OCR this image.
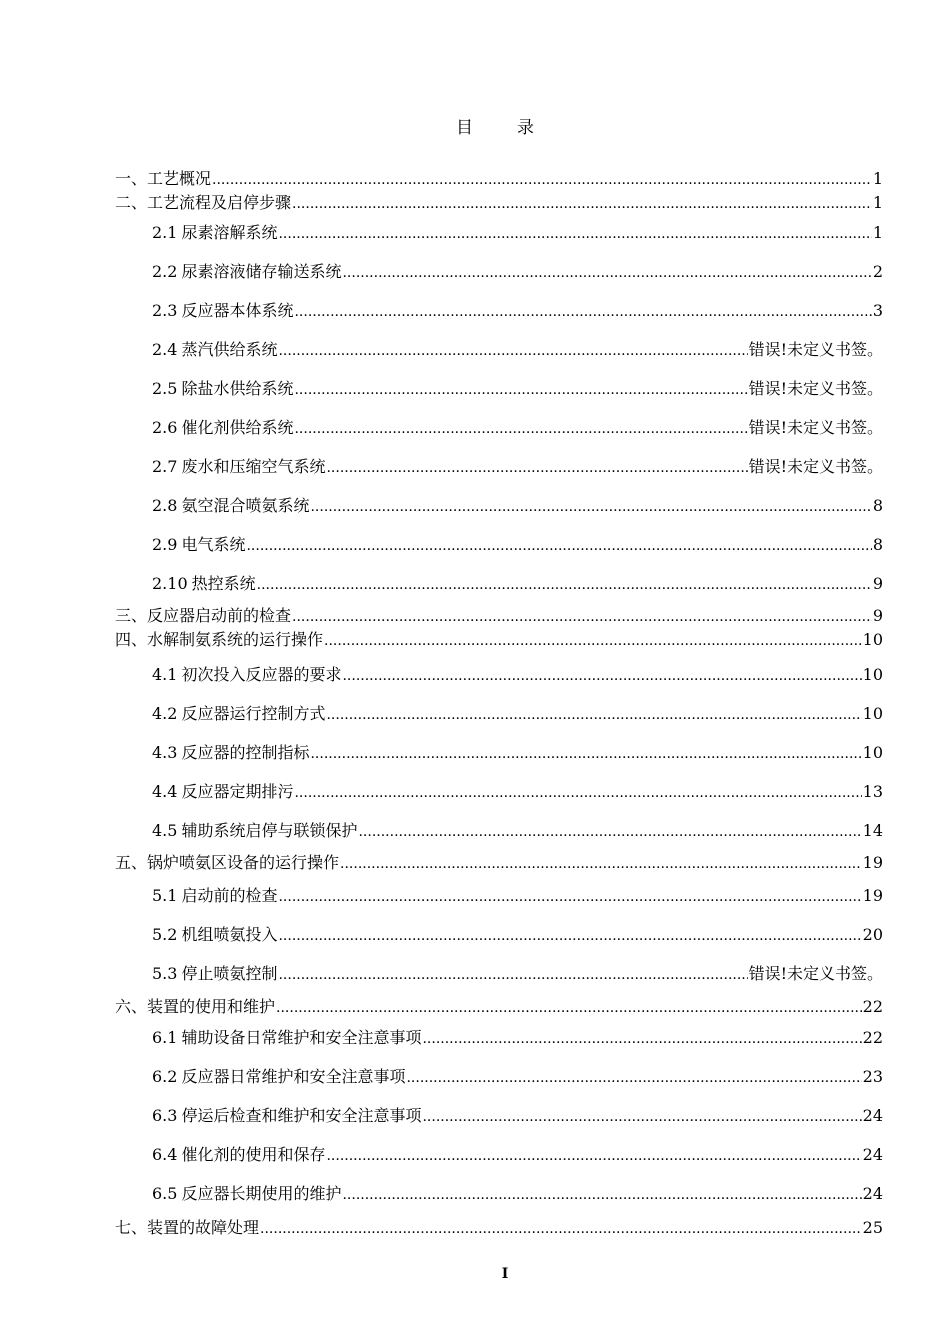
目	录
一、 工艺概况 .....	1
二、 工艺流程及启停步骤 .....	1
2.1 尿素溶解系统 .....	1
2.2 尿素溶液储存输送系统 .....	2
2.3 反应器本体系统 .....	3
2.4 蒸汽供给系统 .....	错误!未定义书签。
2.5 除盐水供给系统 .....	错误!未定义书签。
2.6 催化剂供给系统 .....	错误!未定义书签。
2.7 废水和压缩空气系统 .....	错误!未定义书签。
2.8 氨空混合喷氨系统 .....	8
2.9 电气系统 .....	8
2.10 热控系统 .....	9
三、 反应器启动前的检查 .....	9
四、 水解制氨系统的运行操作 .....	10
4.1 初次投入反应器的要求 .....	10
4.2 反应器运行控制方式 .....	10
4.3 反应器的控制指标 .....	10
4.4 反应器定期排污 .....	13
4.5 辅助系统启停与联锁保护 .....	14
五、 锅炉喷氨区设备的运行操作 .....	19
5.1 启动前的检查 .....	19
5.2 机组喷氨投入 .....	20
5.3 停止喷氨控制 .....	错误!未定义书签。
六、 装置的使用和维护 .....	22
6.1 辅助设备日常维护和安全注意事项 .....	22
6.2 反应器日常维护和安全注意事项 .....	23
6.3 停运后检查和维护和安全注意事项 .....	24
6.4 催化剂的使用和保存 .....	24
6.5 反应器长期使用的维护 .....	24
七、 装置的故障处理 .....	25
I
